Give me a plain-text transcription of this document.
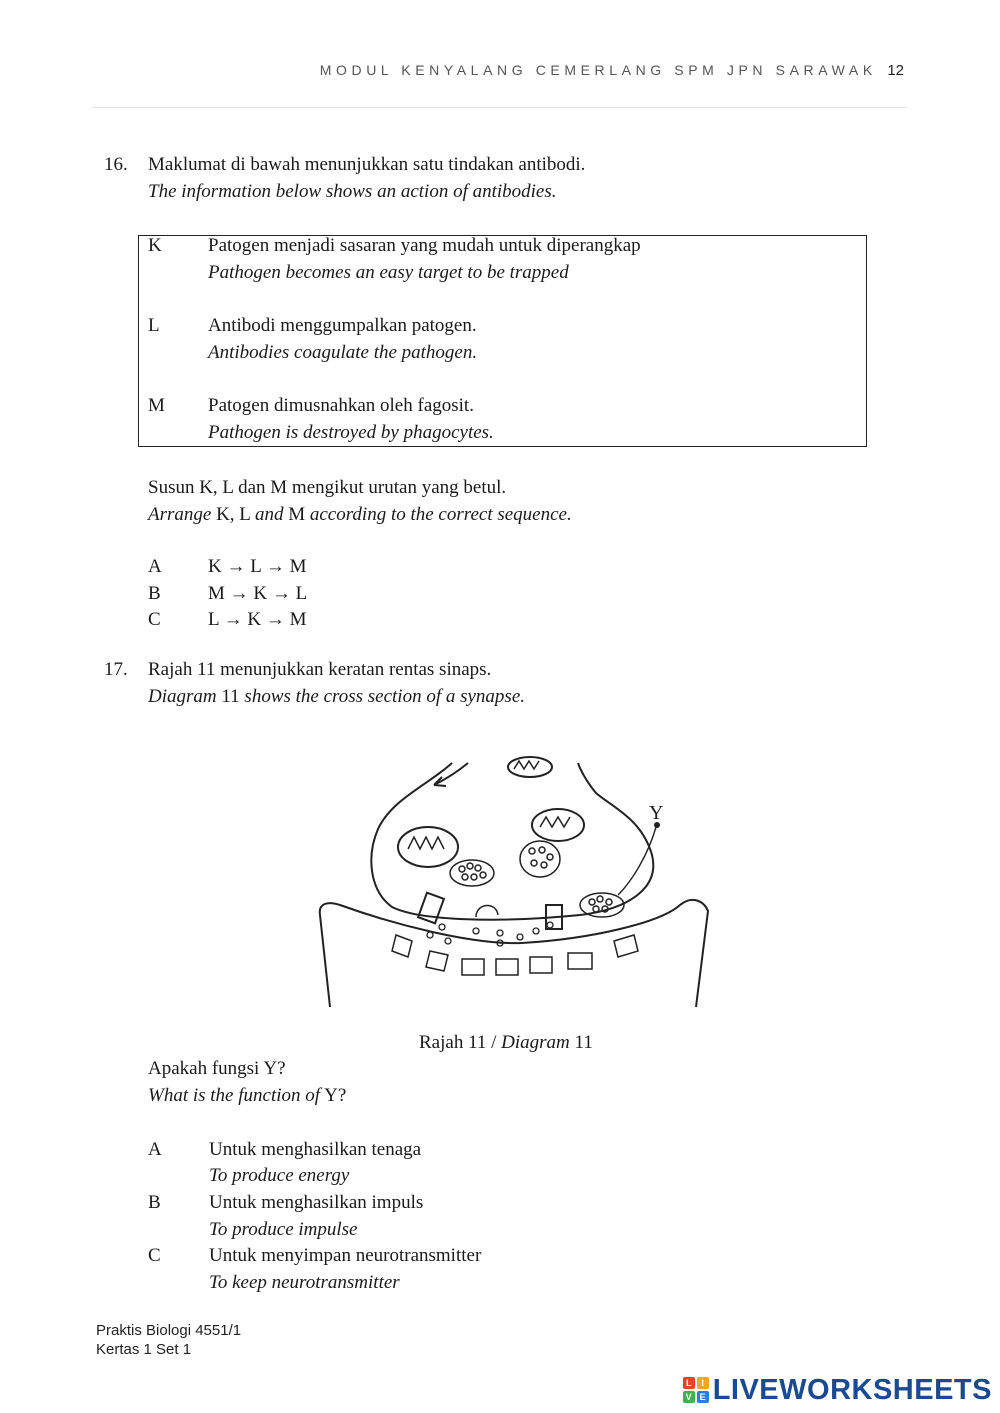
MODUL KENYALANG CEMERLANG SPM JPN SARAWAK 12
16. Maklumat di bawah menunjukkan satu tindakan antibodi.
The information below shows an action of antibodies.
K Patogen menjadi sasaran yang mudah untuk diperangkap
Pathogen becomes an easy target to be trapped
L	Antibodi menggumpalkan patogen.
Antibodies coagulate the pathogen.
M Patogen dimusnahkan oleh fagosit.
Pathogen is destroyed by phagocytes.
Susun K, L dan M mengikut urutan yang betul.
Arrange K, L and M according to the correct sequence.
A K → L → M
B M → K → L
C L → K → M
17. Rajah 11 menunjukkan keratan rentas sinaps.
Diagram 11 shows the cross section of a synapse.
Y
Rajah 11 / Diagram 11
Apakah fungsi Y?
What is the function of Y?
A Untuk menghasilkan tenaga
To produce energy
B	Untuk menghasilkan impuls
To produce impulse
C	Untuk menyimpan neurotransmitter
To keep neurotransmitter
Praktis Biologi 4551/1
Kertas 1 Set 1
L	I
V E LIVEWORKSHEETS
